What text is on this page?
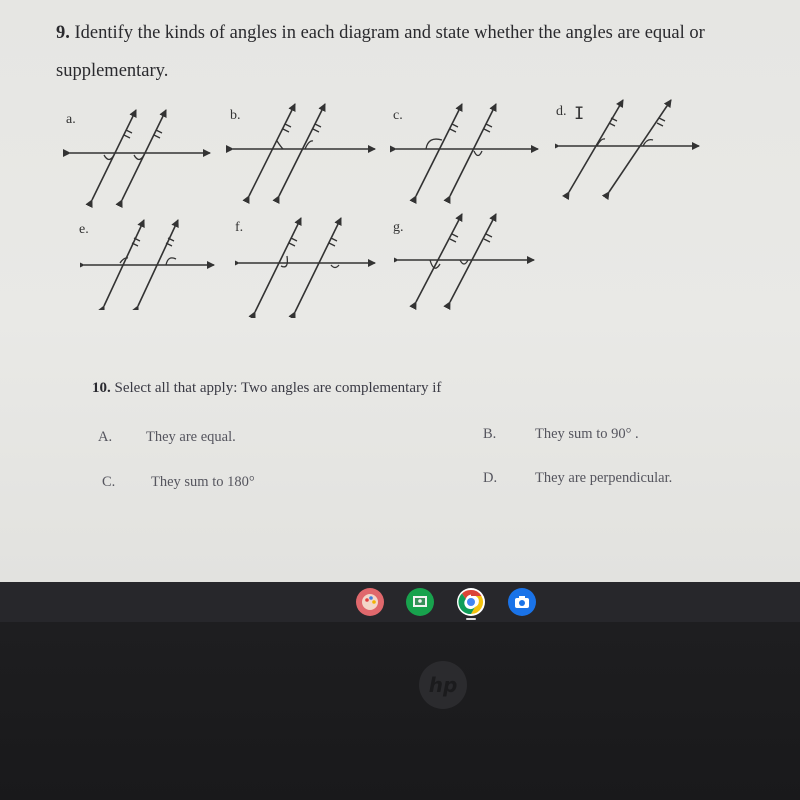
9. Identify the kinds of angles in each diagram and state whether the angles are equal or supplementary.
a.	b.	c.	d. I
e.	f.	g.
10. Select all that apply: Two angles are complementary if
A. They are equal.	B.	They sum to 90° .
C. They sum to 180°	D.	They are perpendicular.
hp
